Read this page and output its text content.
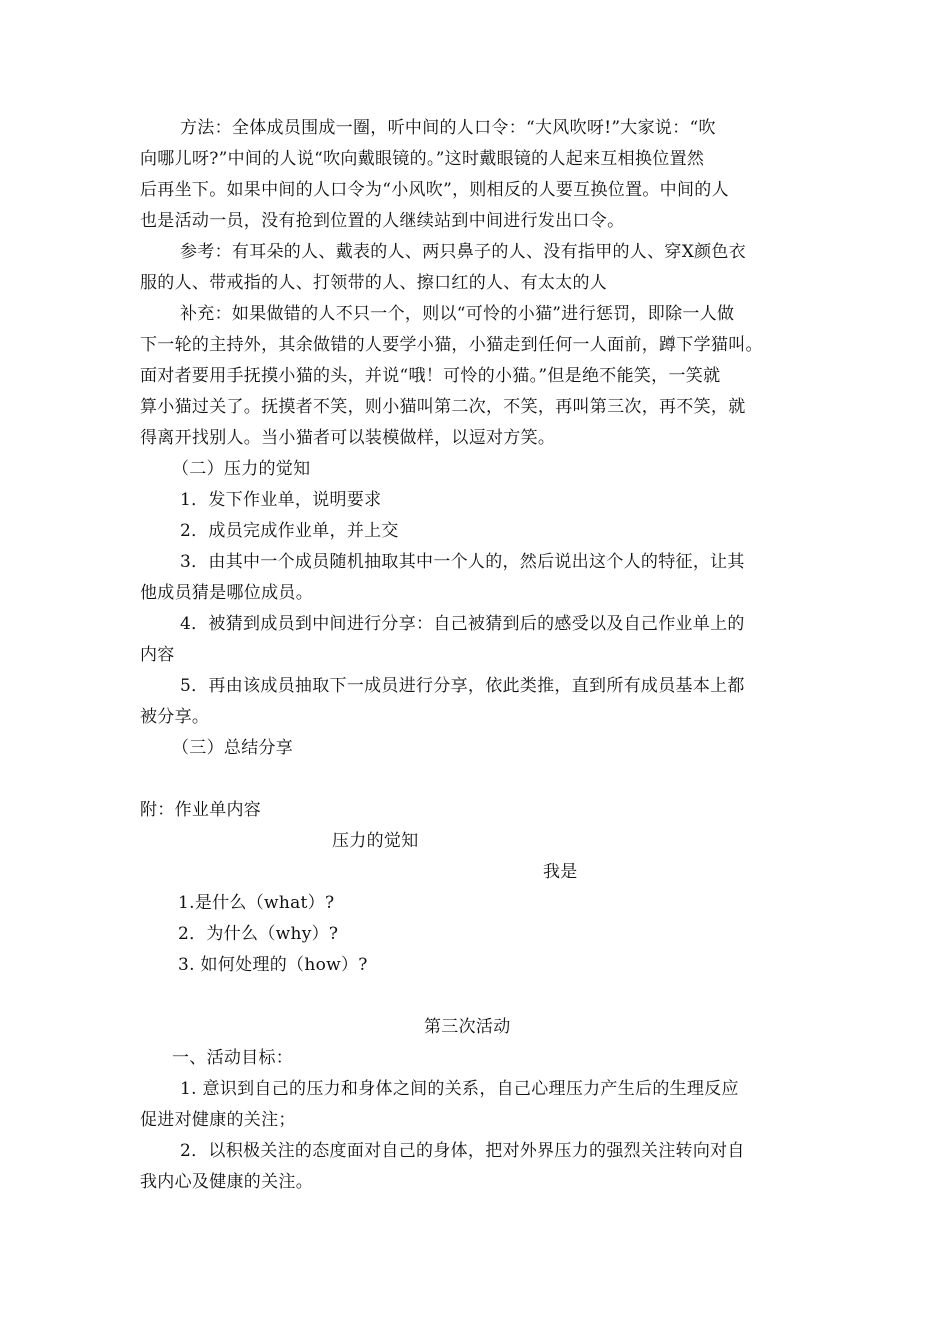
方法：全体成员围成一圈，听中间的人口令：“大风吹呀!”大家说：“吹
向哪儿呀?”中间的人说“吹向戴眼镜的。”这时戴眼镜的人起来互相换位置然
后再坐下。如果中间的人口令为“小风吹”，则相反的人要互换位置。中间的人
也是活动一员，没有抢到位置的人继续站到中间进行发出口令。
参考：有耳朵的人、戴表的人、两只鼻子的人、没有指甲的人、穿X颜色衣
服的人、带戒指的人、打领带的人、擦口红的人、有太太的人
补充：如果做错的人不只一个，则以“可怜的小猫”进行惩罚，即除一人做
下一轮的主持外，其余做错的人要学小猫，小猫走到任何一人面前，蹲下学猫叫。
面对者要用手抚摸小猫的头，并说“哦！可怜的小猫。”但是绝不能笑，一笑就
算小猫过关了。抚摸者不笑，则小猫叫第二次，不笑，再叫第三次，再不笑，就
得离开找别人。当小猫者可以装模做样，以逗对方笑。
（二）压力的觉知
1．发下作业单，说明要求
2．成员完成作业单，并上交
3．由其中一个成员随机抽取其中一个人的，然后说出这个人的特征，让其
他成员猜是哪位成员。
4．被猜到成员到中间进行分享：自己被猜到后的感受以及自己作业单上的
内容
5．再由该成员抽取下一成员进行分享，依此类推，直到所有成员基本上都
被分享。
（三）总结分享
附：作业单内容
压力的觉知
我是
1.是什么（what）?
2．为什么（why）?
3. 如何处理的（how）?
第三次活动
一、活动目标：
1. 意识到自己的压力和身体之间的关系，自己心理压力产生后的生理反应
促进对健康的关注；
2．以积极关注的态度面对自己的身体，把对外界压力的强烈关注转向对自
我内心及健康的关注。
